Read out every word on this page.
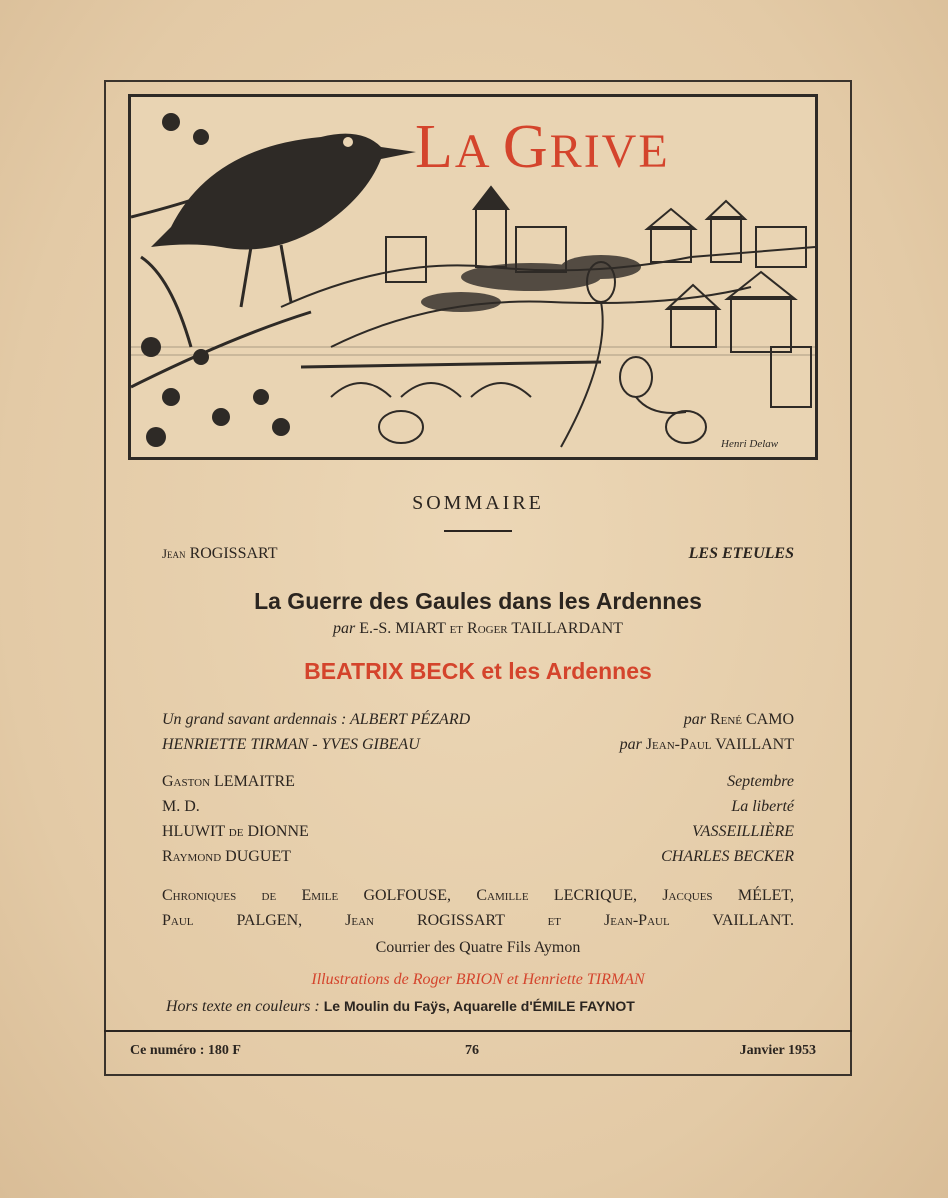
Henri Delaw
LA GRIVE
SOMMAIRE
Jean ROGISSART	LES ETEULES
La Guerre des Gaules dans les Ardennes
par E.-S. MIART et Roger TAILLARDANT
BEATRIX BECK et les Ardennes
Un grand savant ardennais : ALBERT PÉZARD	par René CAMO
HENRIETTE TIRMAN - YVES GIBEAU	par Jean-Paul VAILLANT
Gaston LEMAITRE	Septembre
M. D.	La liberté
HLUWIT de DIONNE	VASSEILLIÈRE
Raymond DUGUET	CHARLES BECKER
Chroniques de Emile GOLFOUSE, Camille LECRIQUE, Jacques MÉLET,
Paul PALGEN, Jean ROGISSART et Jean-Paul VAILLANT.
Courrier des Quatre Fils Aymon
Illustrations de Roger BRION et Henriette TIRMAN
Hors texte en couleurs : Le Moulin du Faÿs, Aquarelle d'ÉMILE FAYNOT
Ce numéro : 180 F	76	Janvier 1953
